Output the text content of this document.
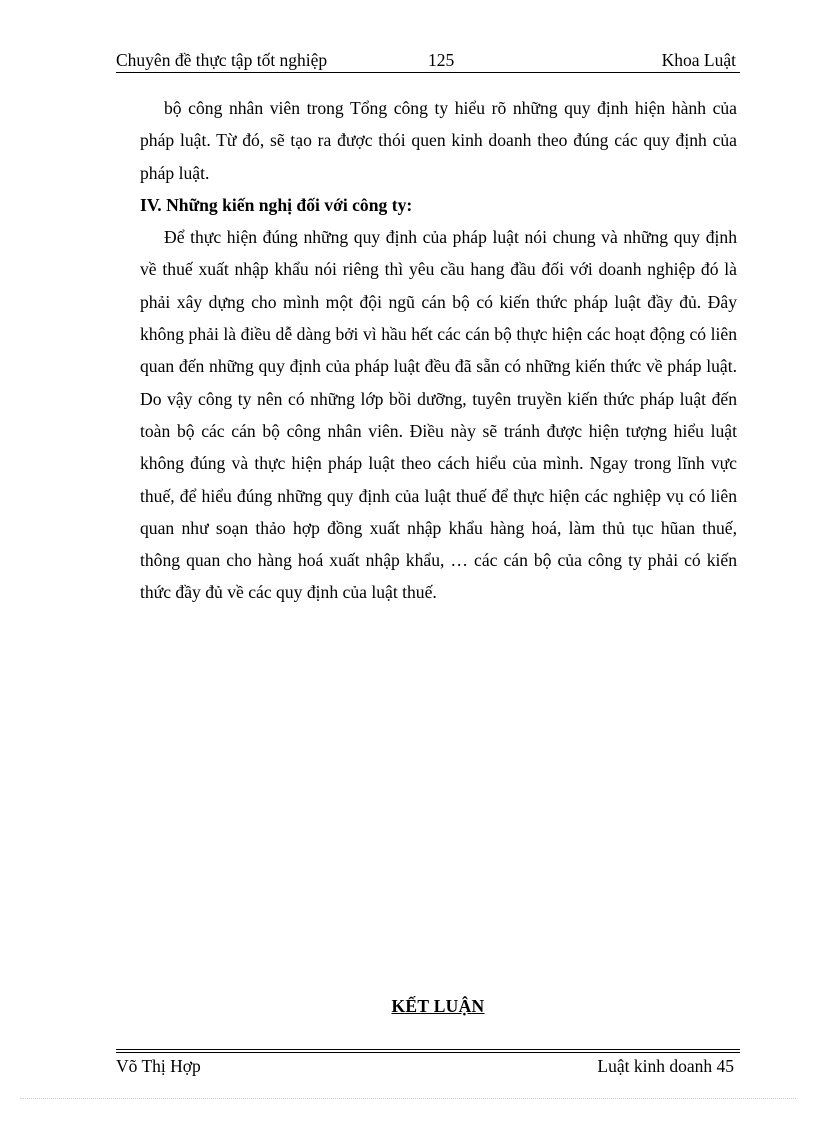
Chuyên đề thực tập tốt nghiệp	125	Khoa Luật

bộ công nhân viên trong Tổng công ty hiểu rõ những quy định hiện hành của pháp luật. Từ đó, sẽ tạo ra được thói quen kinh doanh theo đúng các quy định của pháp luật.

IV. Những kiến nghị đối với công ty:

Để thực hiện đúng những quy định của pháp luật nói chung và những quy định về thuế xuất nhập khẩu nói riêng thì yêu cầu hang đầu đối với doanh nghiệp đó là phải xây dựng cho mình một đội ngũ cán bộ có kiến thức pháp luật đầy đủ. Đây không phải là điều dễ dàng bởi vì hầu hết các cán bộ thực hiện các hoạt động có liên quan đến những quy định của pháp luật đều đã sẵn có những kiến thức về pháp luật. Do vậy công ty nên có những lớp bồi dưỡng, tuyên truyền kiến thức pháp luật đến toàn bộ các cán bộ công nhân viên. Điều này sẽ tránh được hiện tượng hiểu luật không đúng và thực hiện pháp luật theo cách hiểu của mình. Ngay trong lĩnh vực thuế, để hiểu đúng những quy định của luật thuế để thực hiện các nghiệp vụ có liên quan như soạn thảo hợp đồng xuất nhập khẩu hàng hoá, làm thủ tục hũan thuế, thông quan cho hàng hoá xuất nhập khẩu, … các cán bộ của công ty phải có kiến thức đầy đủ về các quy định của luật thuế.

KẾT LUẬN
Võ Thị Hợp	Luật kinh doanh 45
